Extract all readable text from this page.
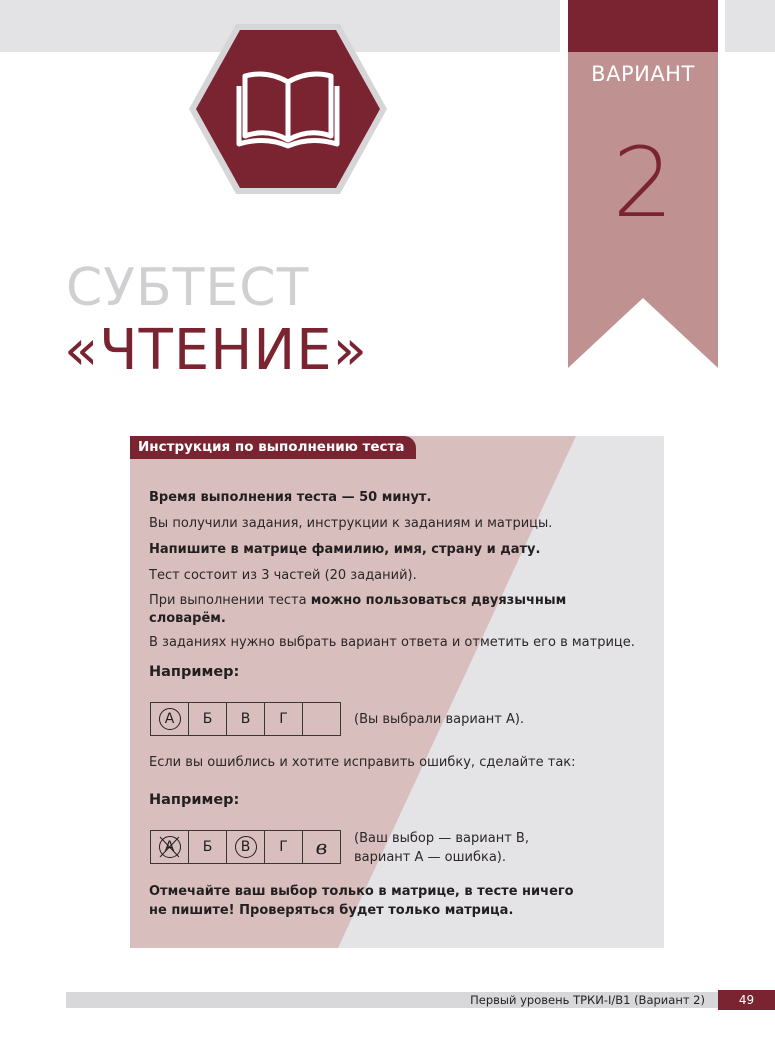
ВАРИАНТ
2
СУБТЕСТ
«ЧТЕНИЕ»
Инструкция по выполнению теста
Время выполнения теста — 50 минут.
Вы получили задания, инструкции к заданиям и матрицы.
Напишите в матрице фамилию, имя, страну и дату.
Тест состоит из 3 частей (20 заданий).
При выполнении теста можно пользоваться двуязычным
словарём.
В заданиях нужно выбрать вариант ответа и отметить его в матрице.
Например:
А	Б	В	Г	(Вы выбрали вариант А).
Если вы ошиблись и хотите исправить ошибку, сделайте так:
Например:
А	Б	В	Г	в	(Ваш выбор — вариант В,
вариант А — ошибка).
Отмечайте ваш выбор только в матрице, в тесте ничего
не пишите! Проверяться будет только матрица.
Первый уровень ТРКИ-I/B1 (Вариант 2)	49
